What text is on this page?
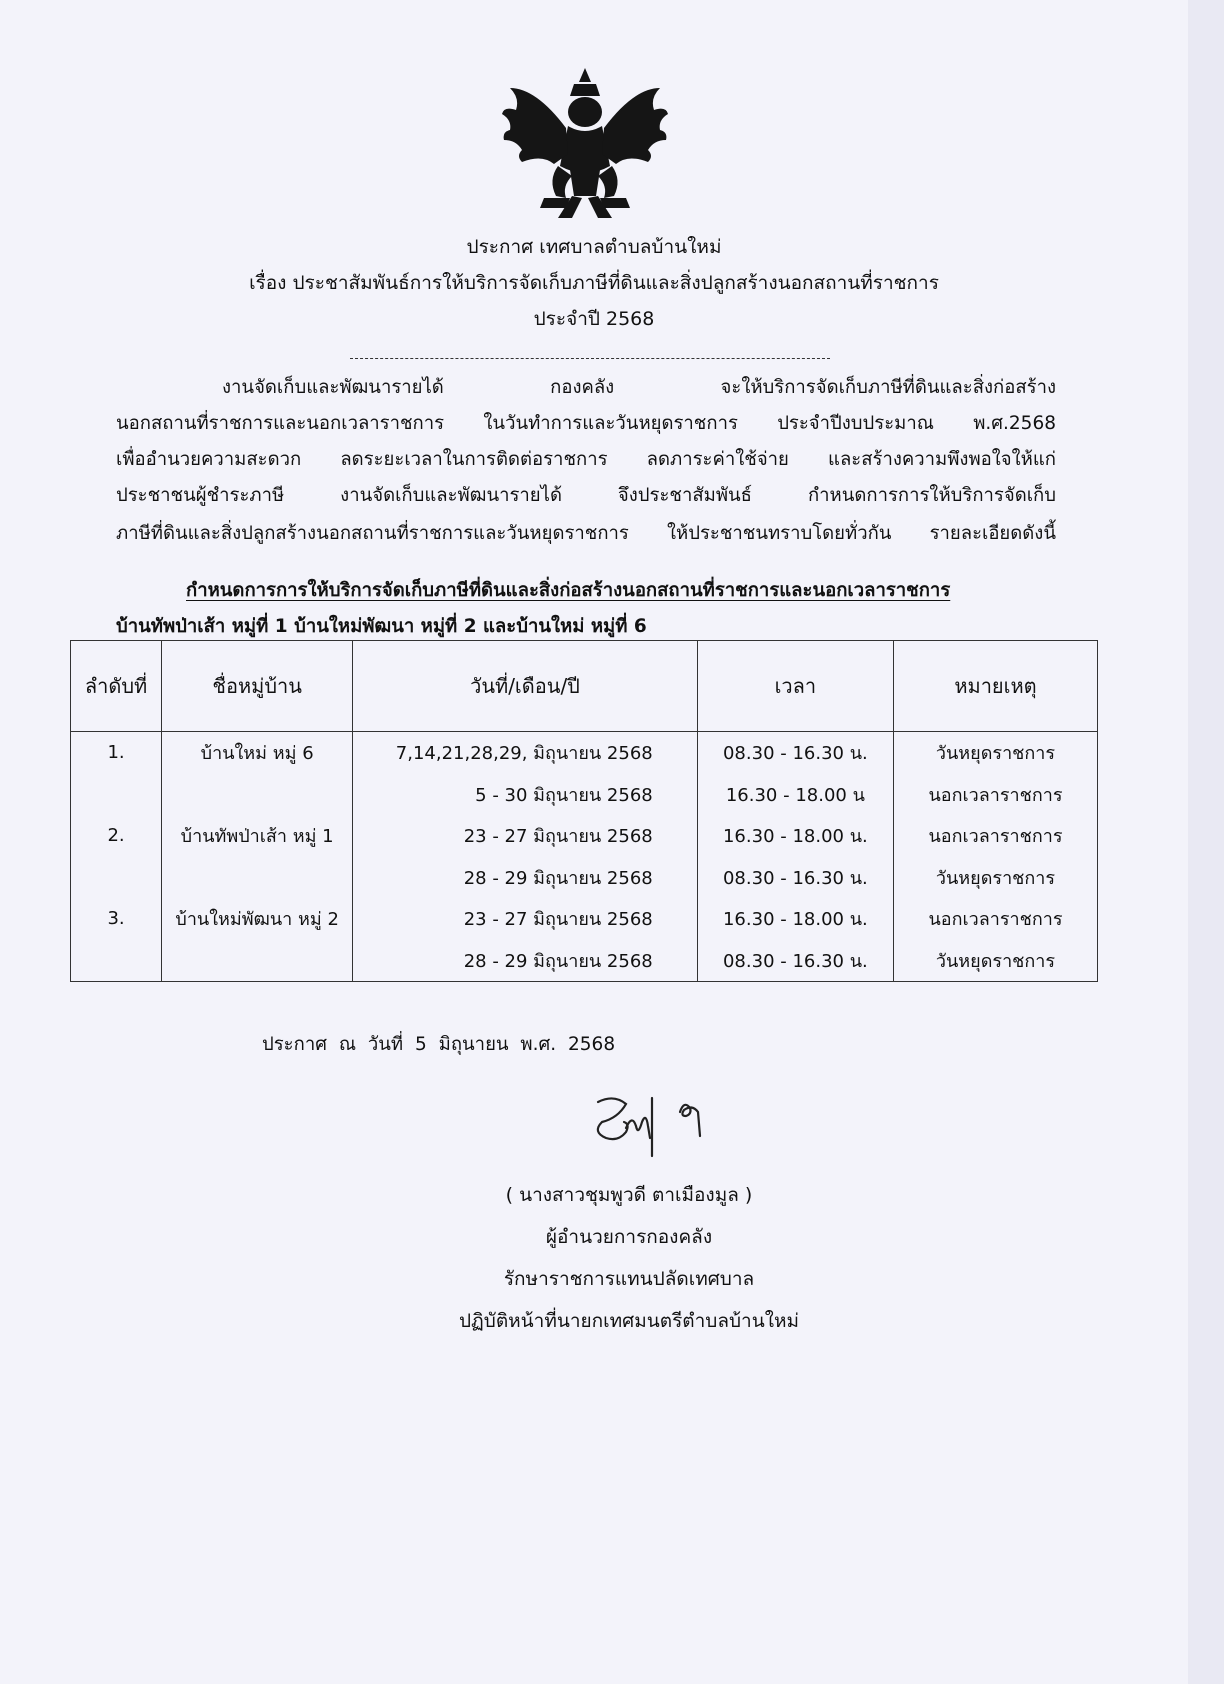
ประกาศ เทศบาลตำบลบ้านใหม่
เรื่อง ประชาสัมพันธ์การให้บริการจัดเก็บภาษีที่ดินและสิ่งปลูกสร้างนอกสถานที่ราชการ
ประจำปี 2568
งานจัดเก็บและพัฒนารายได้ กองคลัง จะให้บริการจัดเก็บภาษีที่ดินและสิ่งก่อสร้าง
นอกสถานที่ราชการและนอกเวลาราชการ ในวันทำการและวันหยุดราชการ ประจำปีงบประมาณ พ.ศ.2568
เพื่ออำนวยความสะดวก ลดระยะเวลาในการติดต่อราชการ ลดภาระค่าใช้จ่าย และสร้างความพึงพอใจให้แก่
ประชาชนผู้ชำระภาษี งานจัดเก็บและพัฒนารายได้ จึงประชาสัมพันธ์ กำหนดการการให้บริการจัดเก็บ
ภาษีที่ดินและสิ่งปลูกสร้างนอกสถานที่ราชการและวันหยุดราชการ ให้ประชาชนทราบโดยทั่วกัน รายละเอียดดังนี้
กำหนดการการให้บริการจัดเก็บภาษีที่ดินและสิ่งก่อสร้างนอกสถานที่ราชการและนอกเวลาราชการ
บ้านทัพป่าเส้า หมู่ที่ 1 บ้านใหม่พัฒนา หมู่ที่ 2 และบ้านใหม่ หมู่ที่ 6
ลำดับที่	ชื่อหมู่บ้าน	วันที่/เดือน/ปี	เวลา	หมายเหตุ
1.	บ้านใหม่ หมู่ 6	7,14,21,28,29, มิถุนายน 2568	08.30 - 16.30 น.	วันหยุดราชการ
		5 - 30 มิถุนายน 2568	16.30 - 18.00 น	นอกเวลาราชการ
2.	บ้านทัพป่าเส้า หมู่ 1	23 - 27 มิถุนายน 2568	16.30 - 18.00 น.	นอกเวลาราชการ
		28 - 29 มิถุนายน 2568	08.30 - 16.30 น.	วันหยุดราชการ
3.	บ้านใหม่พัฒนา หมู่ 2	23 - 27 มิถุนายน 2568	16.30 - 18.00 น.	นอกเวลาราชการ
		28 - 29 มิถุนายน 2568	08.30 - 16.30 น.	วันหยุดราชการ
ประกาศ ณ วันที่ 5 มิถุนายน พ.ศ. 2568
( นางสาวชุมพูวดี ตาเมืองมูล )
ผู้อำนวยการกองคลัง
รักษาราชการแทนปลัดเทศบาล
ปฏิบัติหน้าที่นายกเทศมนตรีตำบลบ้านใหม่
